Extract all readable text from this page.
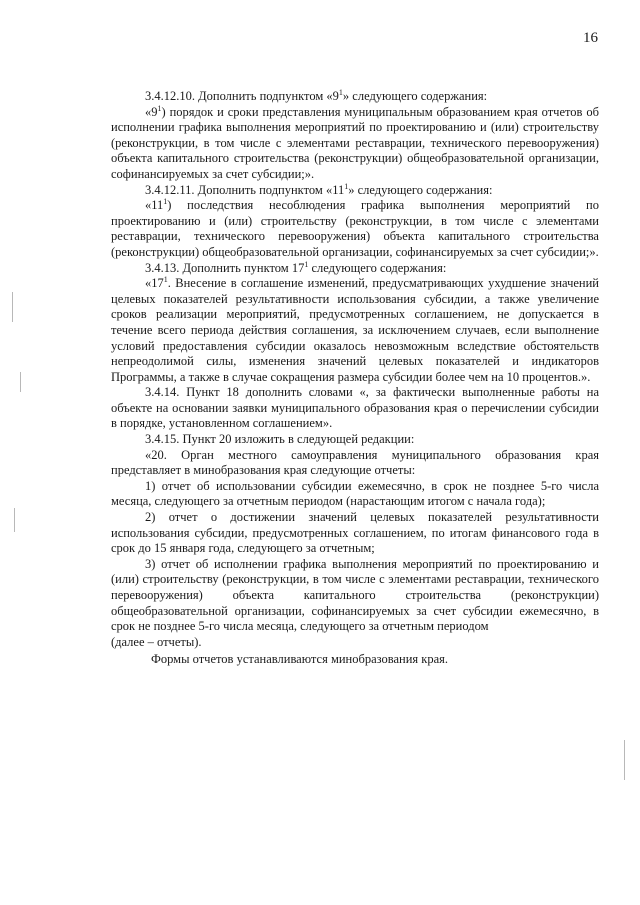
16

3.4.12.10. Дополнить подпунктом «$9^1$» следующего содержания:

«$9^1$) порядок и сроки представления муниципальным образованием края отчетов об исполнении графика выполнения мероприятий по проектированию и (или) строительству (реконструкции, в том числе с элементами реставрации, технического перевооружения) объекта капитального строительства (реконструкции) общеобразовательной организации, софинансируемых за счет субсидии;».

3.4.12.11. Дополнить подпунктом «$11^1$» следующего содержания:

«$11^1$) последствия несоблюдения графика выполнения мероприятий по проектированию и (или) строительству (реконструкции, в том числе с элементами реставрации, технического перевооружения) объекта капитального строительства (реконструкции) общеобразовательной организации, софинансируемых за счет субсидии;».

3.4.13. Дополнить пунктом $17^1$ следующего содержания:

«$17^1$. Внесение в соглашение изменений, предусматривающих ухудшение значений целевых показателей результативности использования субсидии, а также увеличение сроков реализации мероприятий, предусмотренных соглашением, не допускается в течение всего периода действия соглашения, за исключением случаев, если выполнение условий предоставления субсидии оказалось невозможным вследствие обстоятельств непреодолимой силы, изменения значений целевых показателей и индикаторов Программы, а также в случае сокращения размера субсидии более чем на 10 процентов.».

3.4.14. Пункт 18 дополнить словами «, за фактически выполненные работы на объекте на основании заявки муниципального образования края о перечислении субсидии в порядке, установленном соглашением».

3.4.15. Пункт 20 изложить в следующей редакции:

«20. Орган местного самоуправления муниципального образования края представляет в минобразования края следующие отчеты:

1) отчет об использовании субсидии ежемесячно, в срок не позднее 5-го числа месяца, следующего за отчетным периодом (нарастающим итогом с начала года);

2) отчет о достижении значений целевых показателей результативности использования субсидии, предусмотренных соглашением, по итогам финансового года в срок до 15 января года, следующего за отчетным;

3) отчет об исполнении графика выполнения мероприятий по проектированию и (или) строительству (реконструкции, в том числе с элементами реставрации, технического перевооружения) объекта капитального строительства (реконструкции) общеобразовательной организации, софинансируемых за счет субсидии ежемесячно, в срок не позднее 5-го числа месяца, следующего за отчетным периодом

(далее – отчеты).

Формы отчетов устанавливаются минобразования края.
